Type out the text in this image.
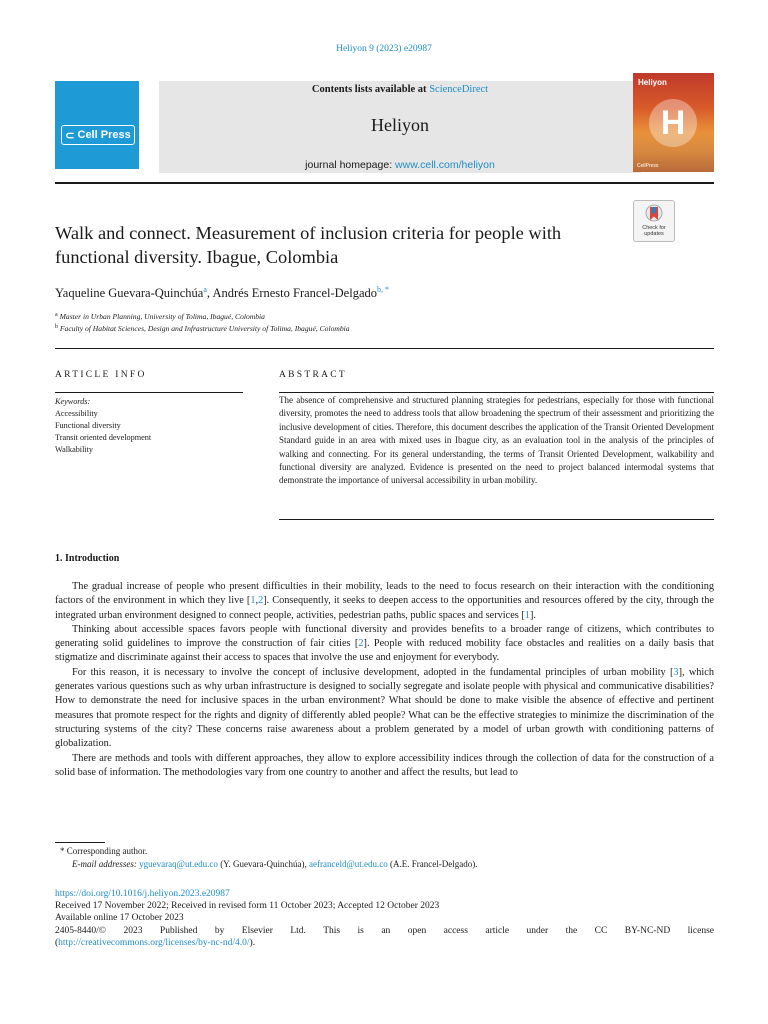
Heliyon 9 (2023) e20987
⊂ Cell Press
Contents lists available at ScienceDirect
Heliyon
journal homepage: www.cell.com/heliyon
Heliyon
H
CellPress
Check for updates
Walk and connect. Measurement of inclusion criteria for people with functional diversity. Ibague, Colombia
Yaqueline Guevara-Quinchúa$^a$, Andrés Ernesto Francel-Delgado$^{b, *}$
$^a$ Master in Urban Planning, University of Tolima, Ibagué, Colombia
$^b$ Faculty of Habitat Sciences, Design and Infrastructure University of Tolima, Ibagué, Colombia
ARTICLE INFO	ABSTRACT
Keywords:
Accessibility
Functional diversity
Transit oriented development
Walkability
The absence of comprehensive and structured planning strategies for pedestrians, especially for those with functional diversity, promotes the need to address tools that allow broadening the spectrum of their assessment and prioritizing the inclusive development of cities. Therefore, this document describes the application of the Transit Oriented Development Standard guide in an area with mixed uses in Ibague city, as an evaluation tool in the analysis of the principles of walking and connecting. For its general understanding, the terms of Transit Oriented Development, walkability and functional diversity are analyzed. Evidence is presented on the need to project balanced intermodal systems that demonstrate the importance of universal accessibility in urban mobility.
1. Introduction

The gradual increase of people who present difficulties in their mobility, leads to the need to focus research on their interaction with the conditioning factors of the environment in which they live [1,2]. Consequently, it seeks to deepen access to the opportunities and resources offered by the city, through the integrated urban environment designed to connect people, activities, pedestrian paths, public spaces and services [1].

Thinking about accessible spaces favors people with functional diversity and provides benefits to a broader range of citizens, which contributes to generating solid guidelines to improve the construction of fair cities [2]. People with reduced mobility face obstacles and realities on a daily basis that stigmatize and discriminate against their access to spaces that involve the use and enjoyment for everybody.

For this reason, it is necessary to involve the concept of inclusive development, adopted in the fundamental principles of urban mobility [3], which generates various questions such as why urban infrastructure is designed to socially segregate and isolate people with physical and communicative disabilities? How to demonstrate the need for inclusive spaces in the urban environment? What should be done to make visible the absence of effective and pertinent measures that promote respect for the rights and dignity of differently abled people? What can be the effective strategies to minimize the discrimination of the structuring systems of the city? These concerns raise awareness about a problem generated by a model of urban growth with conditioning patterns of globalization.

There are methods and tools with different approaches, they allow to explore accessibility indices through the collection of data for the construction of a solid base of information. The methodologies vary from one country to another and affect the results, but lead to

* Corresponding author.
E-mail addresses: yguevaraq@ut.edu.co (Y. Guevara-Quinchúa), aefranceld@ut.edu.co (A.E. Francel-Delgado).
https://doi.org/10.1016/j.heliyon.2023.e20987
Received 17 November 2022; Received in revised form 11 October 2023; Accepted 12 October 2023
Available online 17 October 2023
2405-8440/© 2023 Published by Elsevier Ltd. This is an open access article under the CC BY-NC-ND license
(http://creativecommons.org/licenses/by-nc-nd/4.0/).
